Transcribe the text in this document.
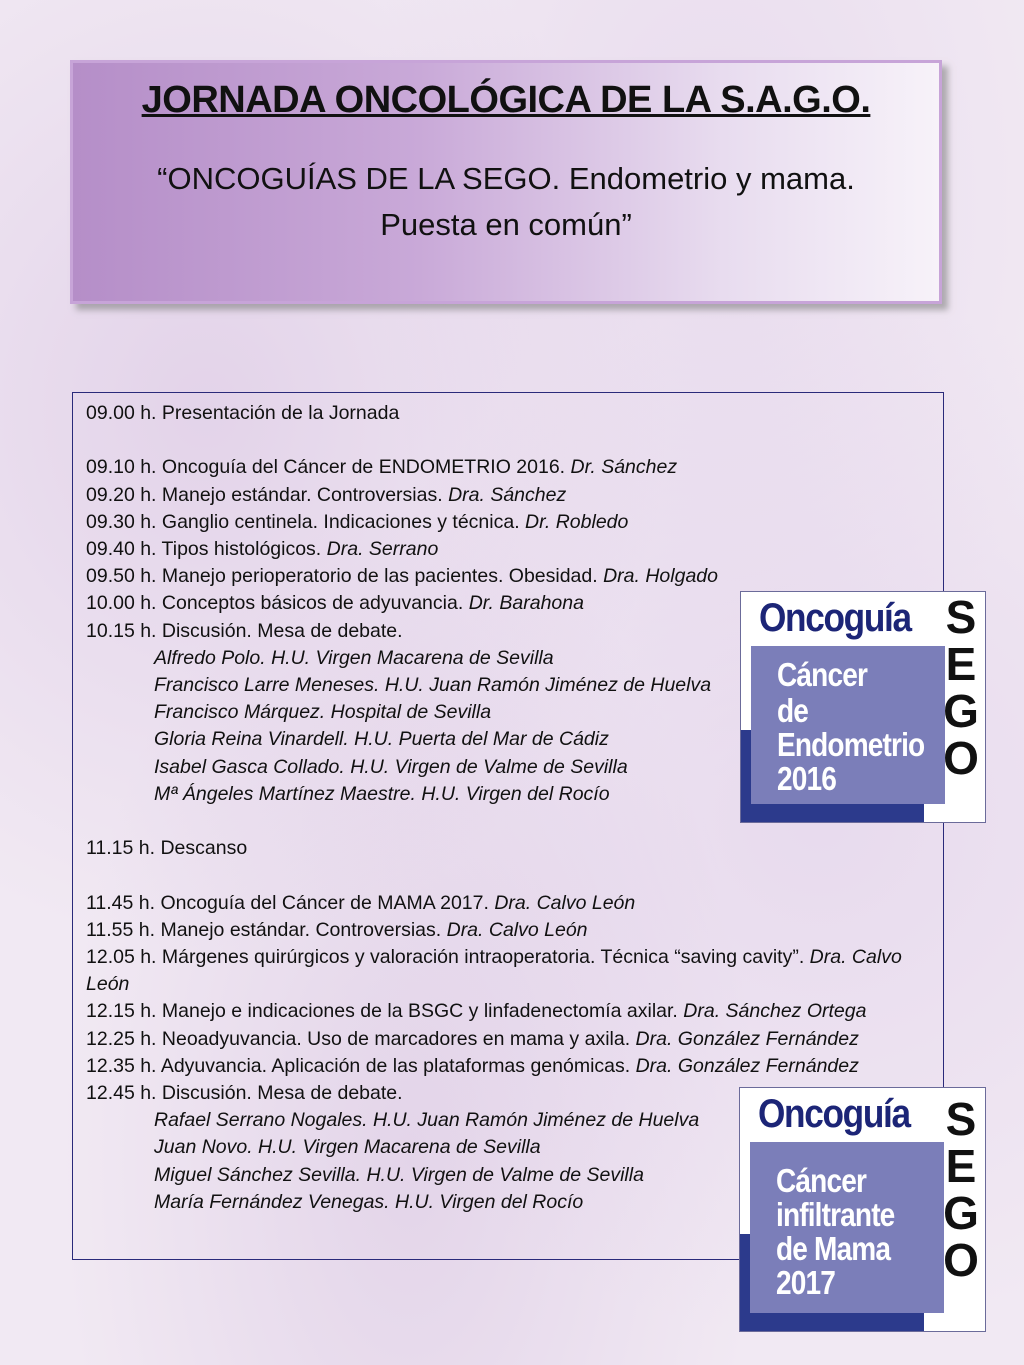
JORNADA ONCOLÓGICA DE LA S.A.G.O.
“ONCOGUÍAS DE LA SEGO. Endometrio y mama.
Puesta en común”
09.00 h. Presentación de la Jornada
09.10 h. Oncoguía del Cáncer de ENDOMETRIO 2016. Dr. Sánchez
09.20 h. Manejo estándar. Controversias. Dra. Sánchez
09.30 h. Ganglio centinela. Indicaciones y técnica. Dr. Robledo
09.40 h. Tipos histológicos. Dra. Serrano
09.50 h. Manejo perioperatorio de las pacientes. Obesidad. Dra. Holgado
10.00 h. Conceptos básicos de adyuvancia. Dr. Barahona
10.15 h. Discusión. Mesa de debate.
Alfredo Polo. H.U. Virgen Macarena de Sevilla
Francisco Larre Meneses. H.U. Juan Ramón Jiménez de Huelva
Francisco Márquez. Hospital de Sevilla
Gloria Reina Vinardell. H.U. Puerta del Mar de Cádiz
Isabel Gasca Collado. H.U. Virgen de Valme de Sevilla
Mª Ángeles Martínez Maestre. H.U. Virgen del Rocío
11.15 h. Descanso
11.45 h. Oncoguía del Cáncer de MAMA 2017. Dra. Calvo León
11.55 h. Manejo estándar. Controversias. Dra. Calvo León
12.05 h. Márgenes quirúrgicos y valoración intraoperatoria. Técnica “saving cavity”. Dra. Calvo León
12.15 h. Manejo e indicaciones de la BSGC y linfadenectomía axilar. Dra. Sánchez Ortega
12.25 h. Neoadyuvancia. Uso de marcadores en mama y axila. Dra. González Fernández
12.35 h. Adyuvancia. Aplicación de las plataformas genómicas. Dra. González Fernández
12.45 h. Discusión. Mesa de debate.
Rafael Serrano Nogales. H.U. Juan Ramón Jiménez de Huelva
Juan Novo. H.U. Virgen Macarena de Sevilla
Miguel Sánchez Sevilla. H.U. Virgen de Valme de Sevilla
María Fernández Venegas. H.U. Virgen del Rocío
Oncoguía
Cáncer
de
Endometrio
2016
S
E
G
O
Oncoguía
Cáncer
infiltrante
de Mama
2017
S
E
G
O
